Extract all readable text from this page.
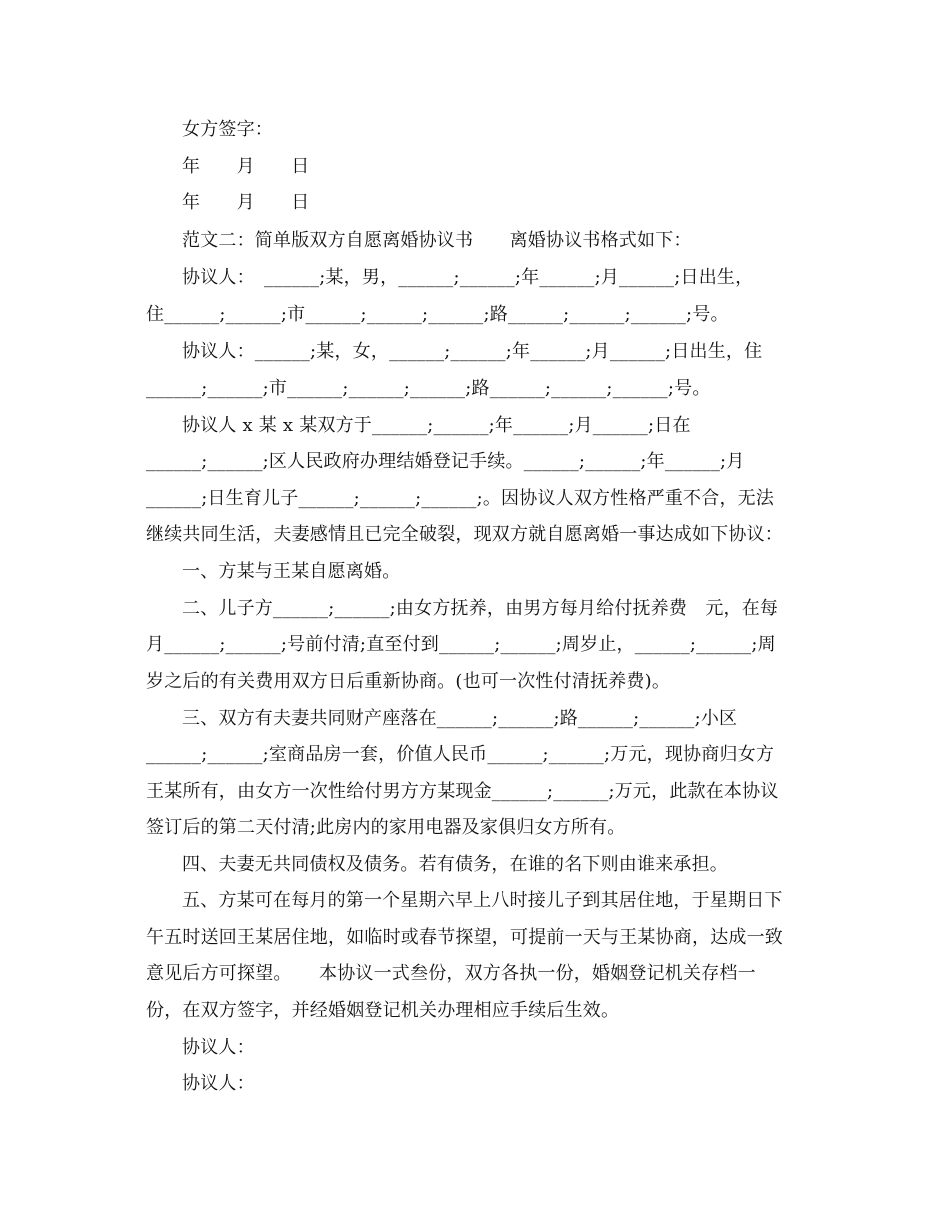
女方签字：
年　　月　　日
年　　月　　日
范文二：简单版双方自愿离婚协议书　　离婚协议书格式如下：
协议人：　______;某，男，______;______;年______;月______;日出生，
住______;______;市______;______;______;路______;______;______;号。
协议人：______;某，女，______;______;年______;月______;日出生，住
______;______;市______;______;______;路______;______;______;号。
协议人 x 某 x 某双方于______;______;年______;月______;日在
______;______;区人民政府办理结婚登记手续。______;______;年______;月
______;日生育儿子______;______;______;。因协议人双方性格严重不合，无法
继续共同生活，夫妻感情且已完全破裂，现双方就自愿离婚一事达成如下协议：
一、方某与王某自愿离婚。
二、儿子方______;______;由女方抚养，由男方每月给付抚养费　元，在每
月______;______;号前付清;直至付到______;______;周岁止，______;______;周
岁之后的有关费用双方日后重新协商。(也可一次性付清抚养费)。
三、双方有夫妻共同财产座落在______;______;路______;______;小区
______;______;室商品房一套，价值人民币______;______;万元，现协商归女方
王某所有，由女方一次性给付男方方某现金______;______;万元，此款在本协议
签订后的第二天付清;此房内的家用电器及家俱归女方所有。
四、夫妻无共同债权及债务。若有债务，在谁的名下则由谁来承担。
五、方某可在每月的第一个星期六早上八时接儿子到其居住地，于星期日下
午五时送回王某居住地，如临时或春节探望，可提前一天与王某协商，达成一致
意见后方可探望。　　本协议一式叁份，双方各执一份，婚姻登记机关存档一
份，在双方签字，并经婚姻登记机关办理相应手续后生效。
协议人：
协议人：
